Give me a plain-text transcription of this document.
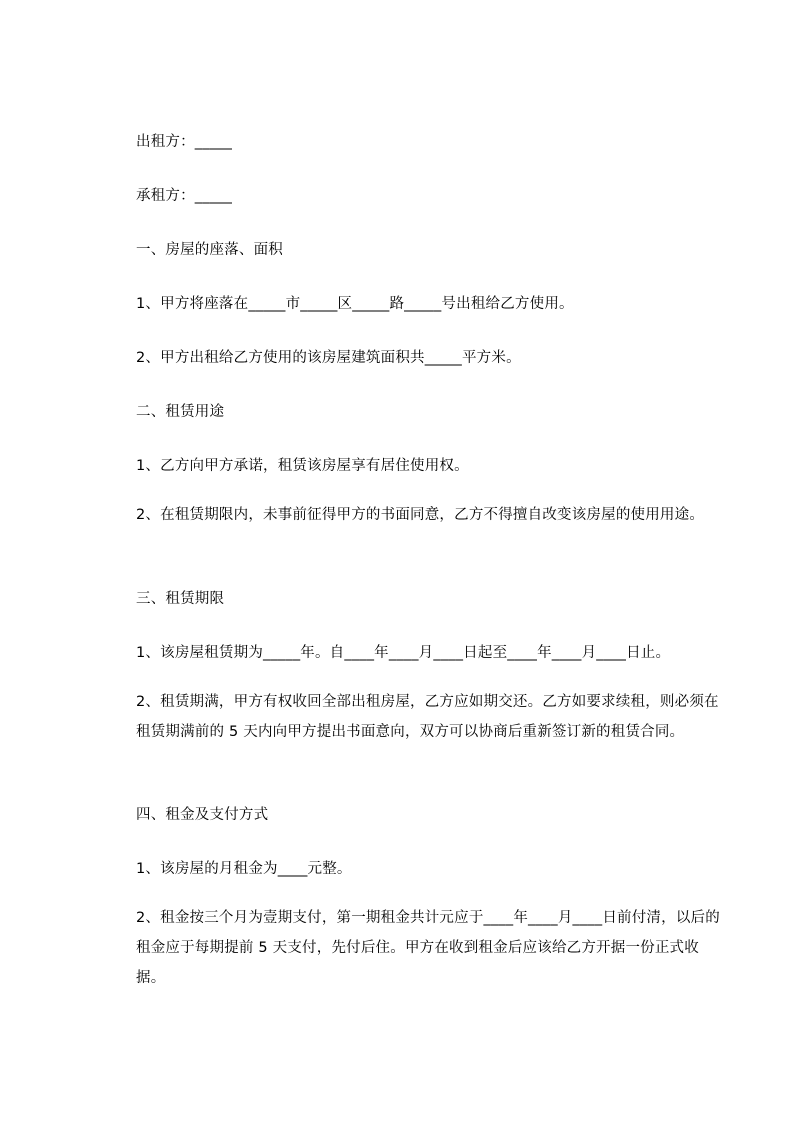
出租方：_____
承租方：_____
一、房屋的座落、面积
1、甲方将座落在_____市_____区_____路_____号出租给乙方使用。
2、甲方出租给乙方使用的该房屋建筑面积共_____平方米。
二、租赁用途
1、乙方向甲方承诺，租赁该房屋享有居住使用权。
2、在租赁期限内，未事前征得甲方的书面同意，乙方不得擅自改变该房屋的使用用途。
三、租赁期限
1、该房屋租赁期为_____年。自____年____月____日起至____年____月____日止。
2、租赁期满，甲方有权收回全部出租房屋，乙方应如期交还。乙方如要求续租，则必须在租赁期满前的 5 天内向甲方提出书面意向，双方可以协商后重新签订新的租赁合同。
四、租金及支付方式
1、该房屋的月租金为____元整。
2、租金按三个月为壹期支付，第一期租金共计元应于____年____月____日前付清，以后的租金应于每期提前 5 天支付，先付后住。甲方在收到租金后应该给乙方开据一份正式收据。
